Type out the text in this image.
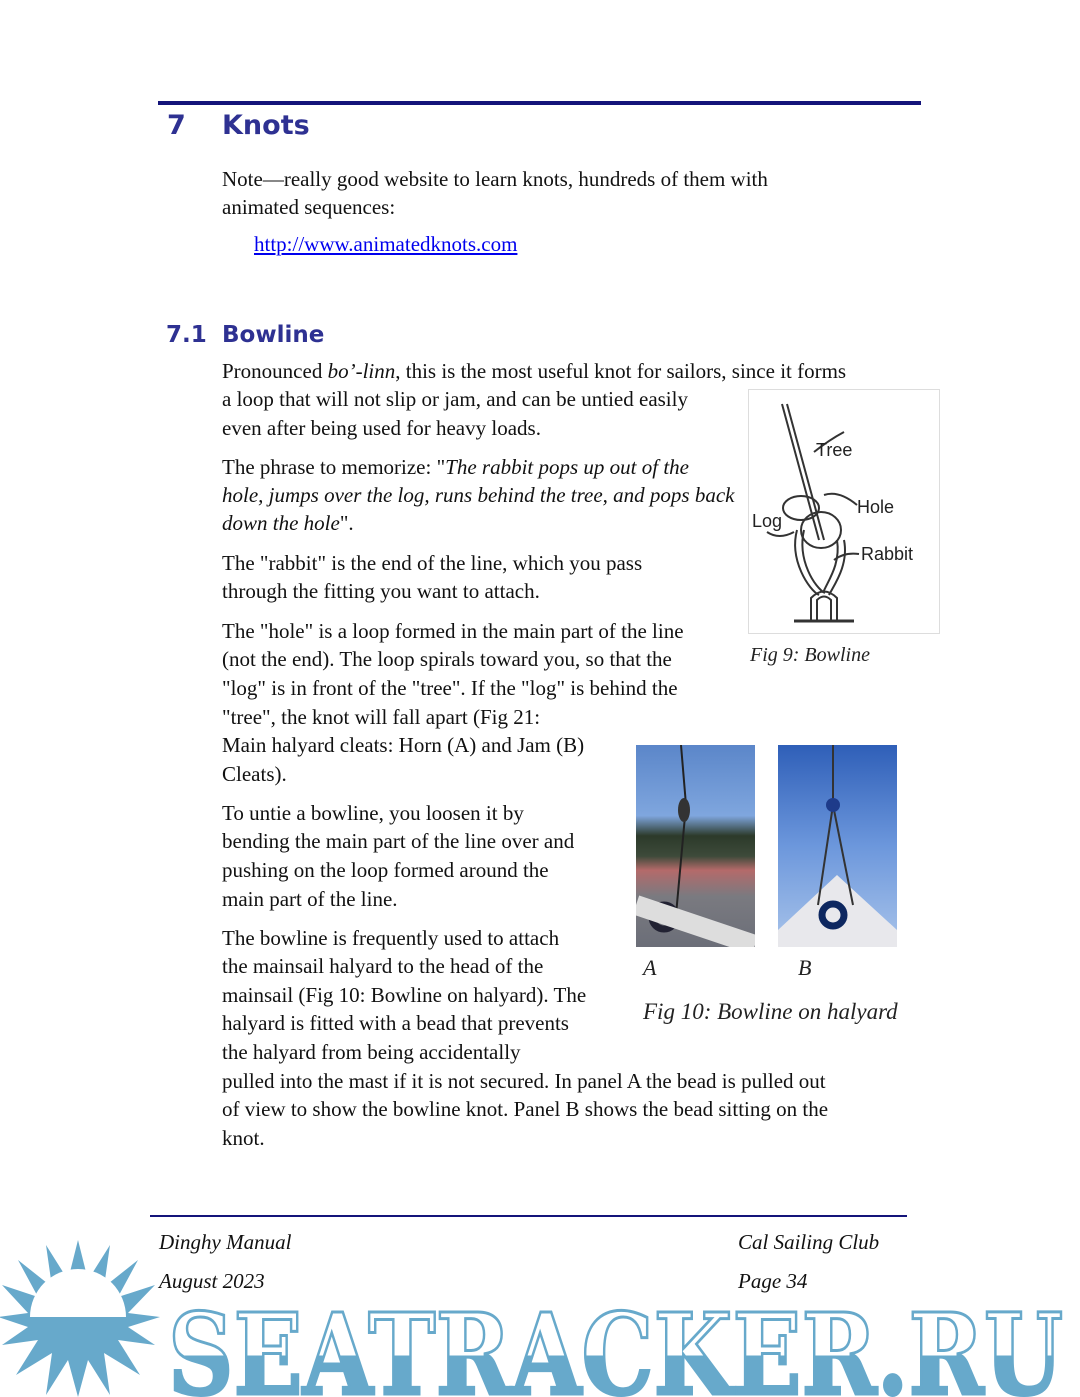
7 Knots
Note—really good website to learn knots, hundreds of them with
animated sequences:
http://www.animatedknots.com
7.1 Bowline
Pronounced bo’-linn, this is the most useful knot for sailors, since it forms
a loop that will not slip or jam, and can be untied easily
even after being used for heavy loads.
The phrase to memorize: "The rabbit pops up out of the
hole, jumps over the log, runs behind the tree, and pops back
down the hole".
The "rabbit" is the end of the line, which you pass
through the fitting you want to attach.
The "hole" is a loop formed in the main part of the line
(not the end). The loop spirals toward you, so that the
"log" is in front of the "tree". If the "log" is behind the
"tree", the knot will fall apart (Fig 21:
Main halyard cleats: Horn (A) and Jam (B)
Cleats).
To untie a bowline, you loosen it by
bending the main part of the line over and
pushing on the loop formed around the
main part of the line.
The bowline is frequently used to attach
the mainsail halyard to the head of the
mainsail (Fig 10: Bowline on halyard). The
halyard is fitted with a bead that prevents
the halyard from being accidentally
pulled into the mast if it is not secured. In panel A the bead is pulled out
of view to show the bowline knot. Panel B shows the bead sitting on the
knot.
Tree
Hole
Log
Rabbit
Fig 9: Bowline
A	B
Fig 10: Bowline on halyard
Dinghy Manual	Cal Sailing Club
August 2023	Page 34
SEATRACKER.RU
